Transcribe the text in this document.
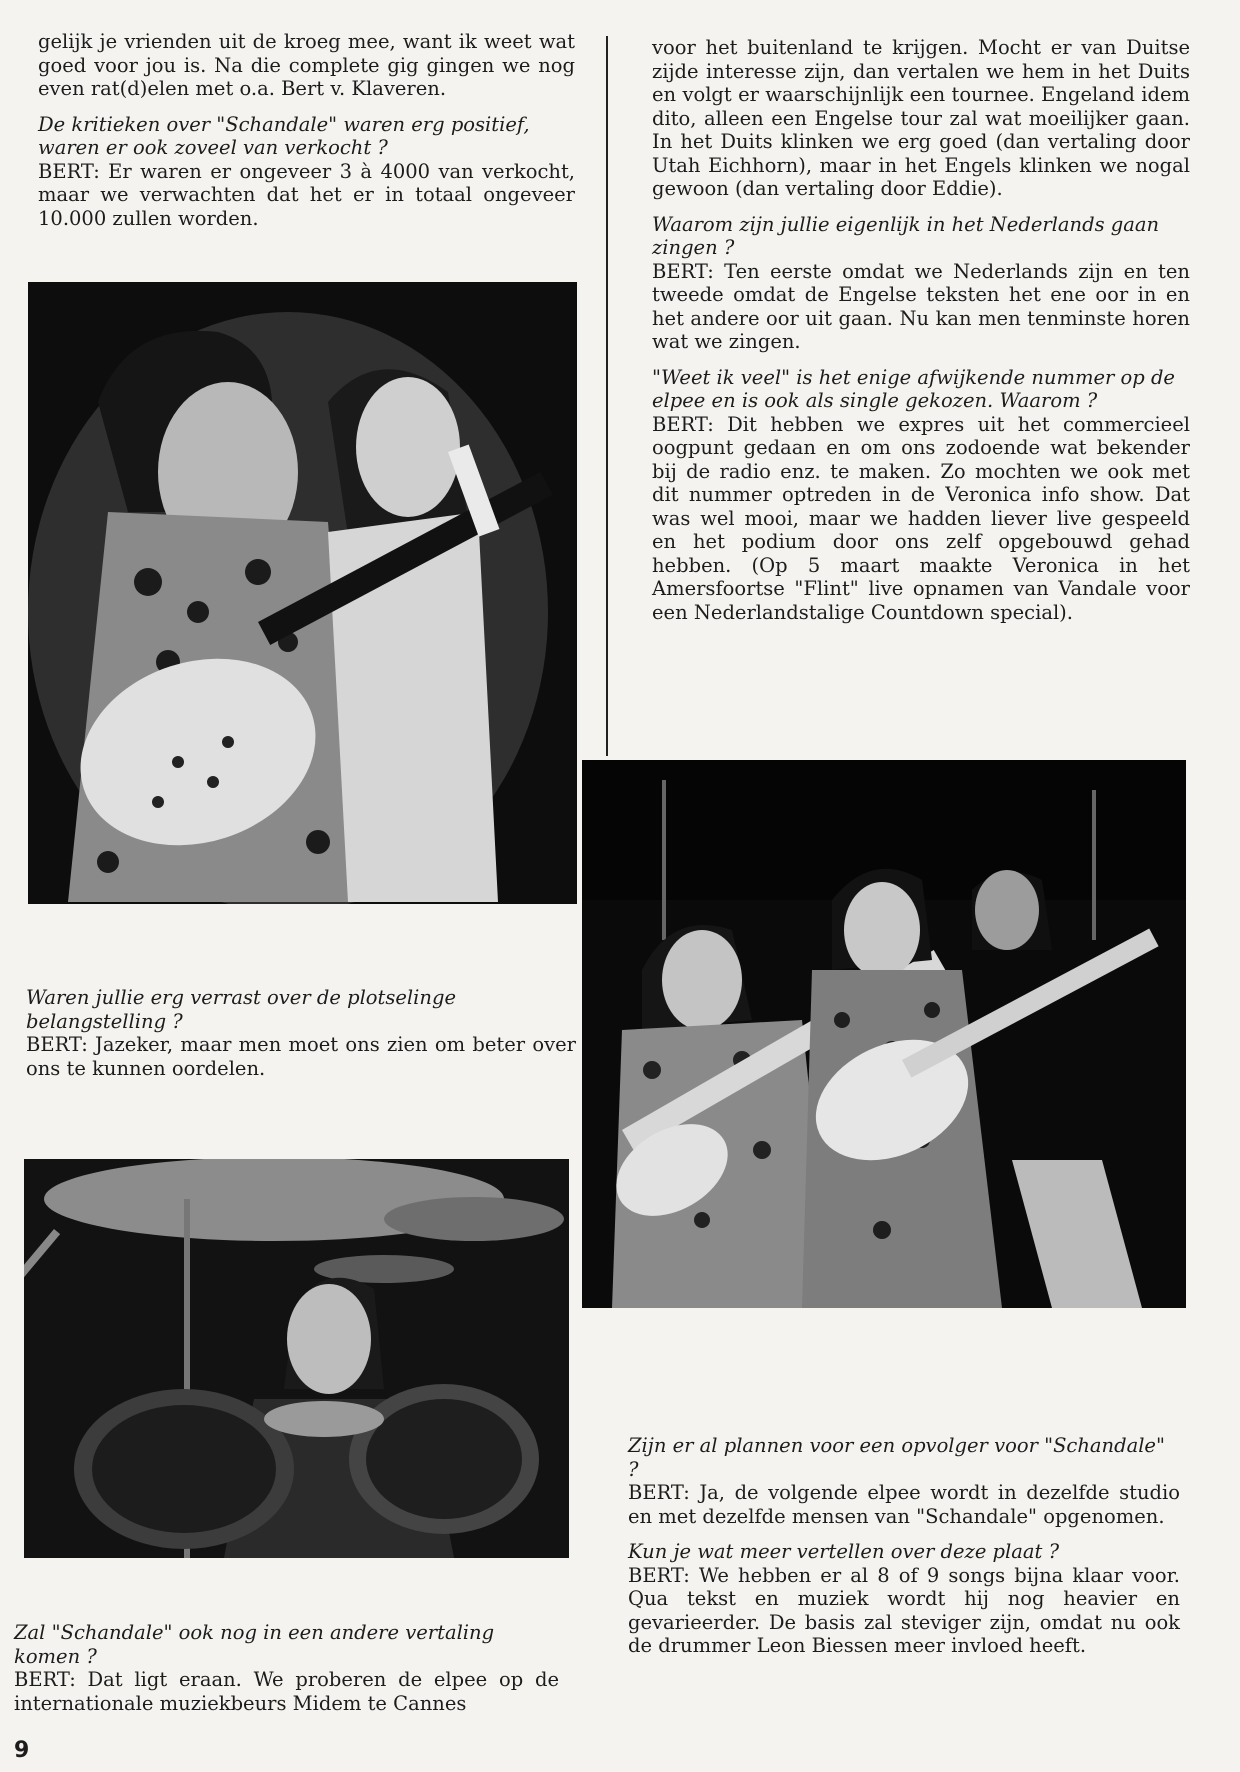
gelijk je vrienden uit de kroeg mee, want ik weet wat goed voor jou is. Na die complete gig gingen we nog even rat(d)elen met o.a. Bert v. Klaveren.

De kritieken over "Schandale" waren erg positief, waren er ook zoveel van verkocht ?
BERT: Er waren er ongeveer 3 à 4000 van verkocht, maar we verwachten dat het er in totaal ongeveer 10.000 zullen worden.

Waren jullie erg verrast over de plotselinge belangstelling ?
BERT: Jazeker, maar men moet ons zien om beter over ons te kunnen oordelen.

Zal "Schandale" ook nog in een andere vertaling komen ?
BERT: Dat ligt eraan. We proberen de elpee op de internationale muziekbeurs Midem te Cannes

9

voor het buitenland te krijgen. Mocht er van Duitse zijde interesse zijn, dan vertalen we hem in het Duits en volgt er waarschijnlijk een tournee. Engeland idem dito, alleen een Engelse tour zal wat moeilijker gaan. In het Duits klinken we erg goed (dan vertaling door Utah Eichhorn), maar in het Engels klinken we nogal gewoon (dan vertaling door Eddie).

Waarom zijn jullie eigenlijk in het Nederlands gaan zingen ?
BERT: Ten eerste omdat we Nederlands zijn en ten tweede omdat de Engelse teksten het ene oor in en het andere oor uit gaan. Nu kan men tenminste horen wat we zingen.

"Weet ik veel" is het enige afwijkende nummer op de elpee en is ook als single gekozen. Waarom ?
BERT: Dit hebben we expres uit het commercieel oogpunt gedaan en om ons zodoende wat bekender bij de radio enz. te maken. Zo mochten we ook met dit nummer optreden in de Veronica info show. Dat was wel mooi, maar we hadden liever live gespeeld en het podium door ons zelf opgebouwd gehad hebben. (Op 5 maart maakte Veronica in het Amersfoortse "Flint" live opnamen van Vandale voor een Nederlandstalige Countdown special).

Zijn er al plannen voor een opvolger voor "Schandale" ?
BERT: Ja, de volgende elpee wordt in dezelfde studio en met dezelfde mensen van "Schandale" opgenomen.

Kun je wat meer vertellen over deze plaat ?
BERT: We hebben er al 8 of 9 songs bijna klaar voor. Qua tekst en muziek wordt hij nog heavier en gevarieerder. De basis zal steviger zijn, omdat nu ook de drummer Leon Biessen meer invloed heeft.
